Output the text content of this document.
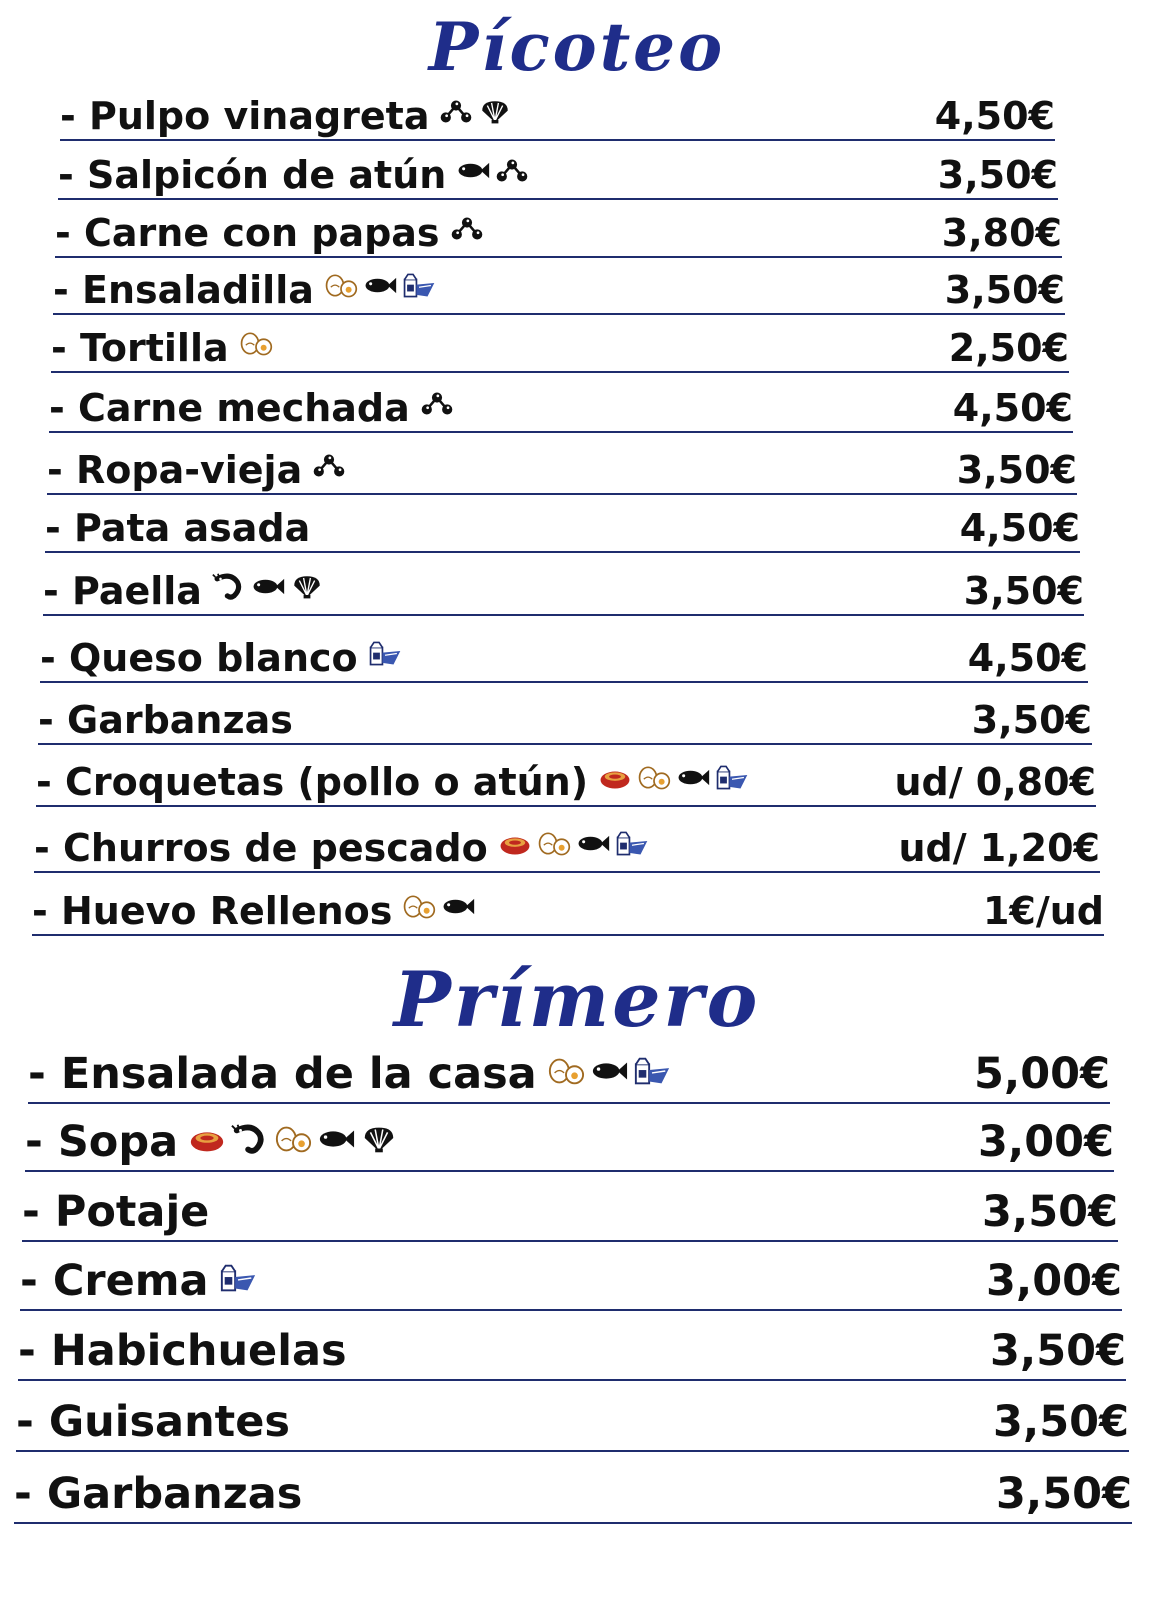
Pícoteo
- Pulpo vinagreta	4,50€
- Salpicón de atún	3,50€
- Carne con papas	3,80€
- Ensaladilla	3,50€
- Tortilla	2,50€
- Carne mechada	4,50€
- Ropa-vieja	3,50€
- Pata asada	4,50€
- Paella	3,50€
- Queso blanco	4,50€
- Garbanzas	3,50€
- Croquetas (pollo o atún)	ud/ 0,80€
- Churros de pescado	ud/ 1,20€
- Huevo Rellenos	1€/ud
Prímero
- Ensalada de la casa	5,00€
- Sopa	3,00€
- Potaje	3,50€
- Crema	3,00€
- Habichuelas	3,50€
- Guisantes	3,50€
- Garbanzas	3,50€
